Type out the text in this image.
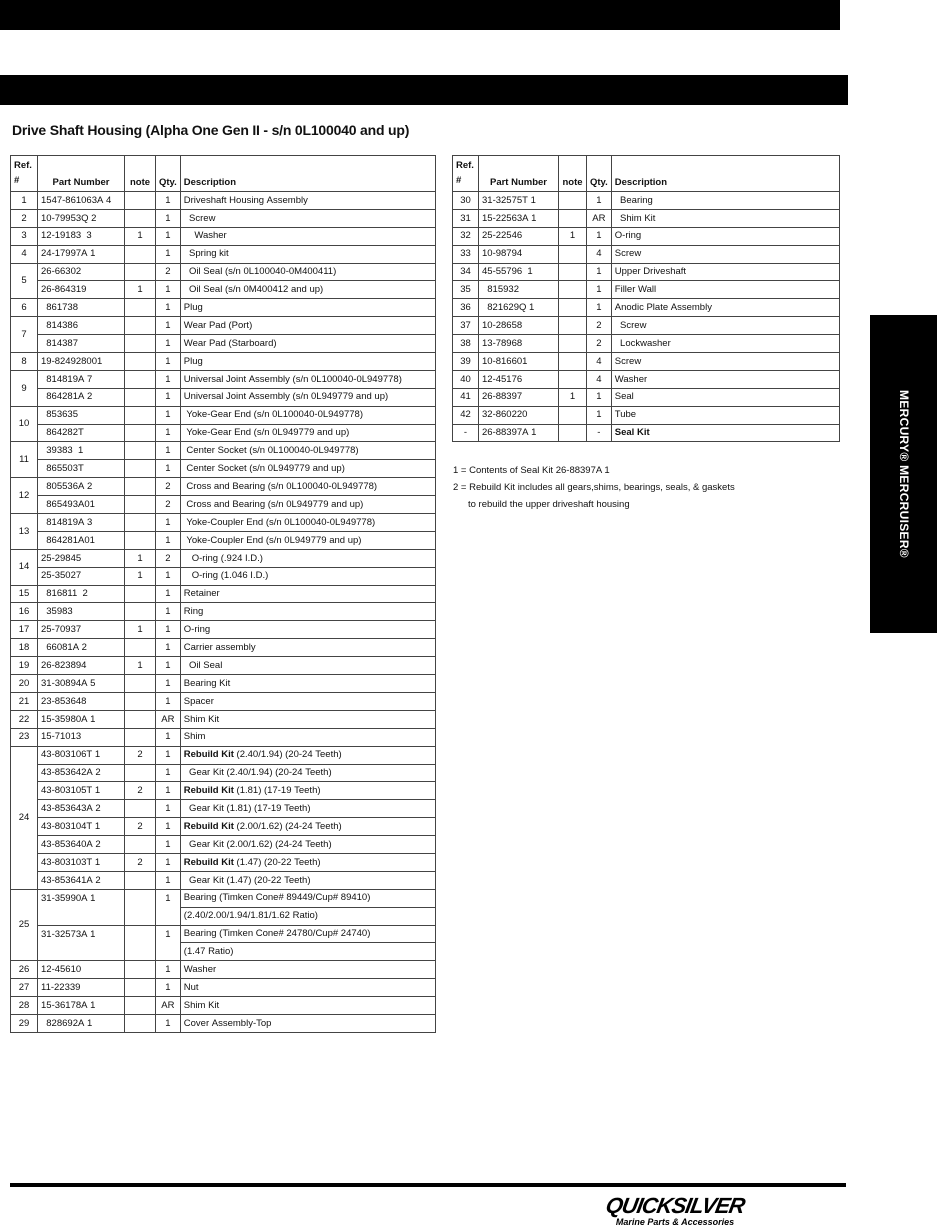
Drive Shaft Housing (Alpha One Gen II - s/n 0L100040 and up)
Ref.
#	Part Number	note	Qty.	Description
1	1547-861063A 4		1	Driveshaft Housing Assembly
2	10-79953Q 2		1	Screw
3	12-19183  3	1	1	Washer
4	24-17997A 1		1	Spring kit
5	26-66302		2	Oil Seal (s/n 0L100040-0M400411)
	26-864319	1	1	Oil Seal (s/n 0M400412 and up)
6	861738		1	Plug
7	814386		1	Wear Pad (Port)
	814387		1	Wear Pad (Starboard)
8	19-824928001		1	Plug
9	814819A 7		1	Universal Joint Assembly (s/n 0L100040-0L949778)
	864281A 2		1	Universal Joint Assembly (s/n 0L949779 and up)
10	853635		1	Yoke-Gear End (s/n 0L100040-0L949778)
	864282T		1	Yoke-Gear End (s/n 0L949779 and up)
11	39383  1		1	Center Socket (s/n 0L100040-0L949778)
	865503T		1	Center Socket (s/n 0L949779 and up)
12	805536A 2		2	Cross and Bearing (s/n 0L100040-0L949778)
	865493A01		2	Cross and Bearing (s/n 0L949779 and up)
13	814819A 3		1	Yoke-Coupler End (s/n 0L100040-0L949778)
	864281A01		1	Yoke-Coupler End (s/n 0L949779 and up)
14	25-29845	1	2	O-ring (.924 I.D.)
	25-35027	1	1	O-ring (1.046 I.D.)
15	816811  2		1	Retainer
16	35983		1	Ring
17	25-70937	1	1	O-ring
18	66081A 2		1	Carrier assembly
19	26-823894	1	1	Oil Seal
20	31-30894A 5		1	Bearing Kit
21	23-853648		1	Spacer
22	15-35980A 1		AR	Shim Kit
23	15-71013		1	Shim
24	43-803106T 1	2	1	Rebuild Kit (2.40/1.94) (20-24 Teeth)
	43-853642A 2		1	Gear Kit (2.40/1.94) (20-24 Teeth)
	43-803105T 1	2	1	Rebuild Kit (1.81) (17-19 Teeth)
	43-853643A 2		1	Gear Kit (1.81) (17-19 Teeth)
	43-803104T 1	2	1	Rebuild Kit (2.00/1.62) (24-24 Teeth)
	43-853640A 2		1	Gear Kit (2.00/1.62) (24-24 Teeth)
	43-803103T 1	2	1	Rebuild Kit (1.47) (20-22 Teeth)
	43-853641A 2		1	Gear Kit (1.47) (20-22 Teeth)
25	31-35990A 1		1	Bearing (Timken Cone# 89449/Cup# 89410)
				(2.40/2.00/1.94/1.81/1.62 Ratio)
	31-32573A 1		1	Bearing (Timken Cone# 24780/Cup# 24740)
				(1.47 Ratio)
26	12-45610		1	Washer
27	11-22339		1	Nut
28	15-36178A 1		AR	Shim Kit
29	828692A 1		1	Cover Assembly-Top
Ref.
#	Part Number	note	Qty.	Description
30	31-32575T 1		1	Bearing
31	15-22563A 1		AR	Shim Kit
32	25-22546	1	1	O-ring
33	10-98794		4	Screw
34	45-55796  1		1	Upper Driveshaft
35	815932		1	Filler Wall
36	821629Q 1		1	Anodic Plate Assembly
37	10-28658		2	Screw
38	13-78968		2	Lockwasher
39	10-816601		4	Screw
40	12-45176		4	Washer
41	26-88397	1	1	Seal
42	32-860220		1	Tube
-	26-88397A 1		-	Seal Kit
1 = Contents of Seal Kit 26-88397A 1
2 = Rebuild Kit includes all gears,shims, bearings, seals, & gaskets
to rebuild the upper driveshaft housing	MERCURY® MERCRUISER®
QUICKSILVER
Marine Parts & Accessories
